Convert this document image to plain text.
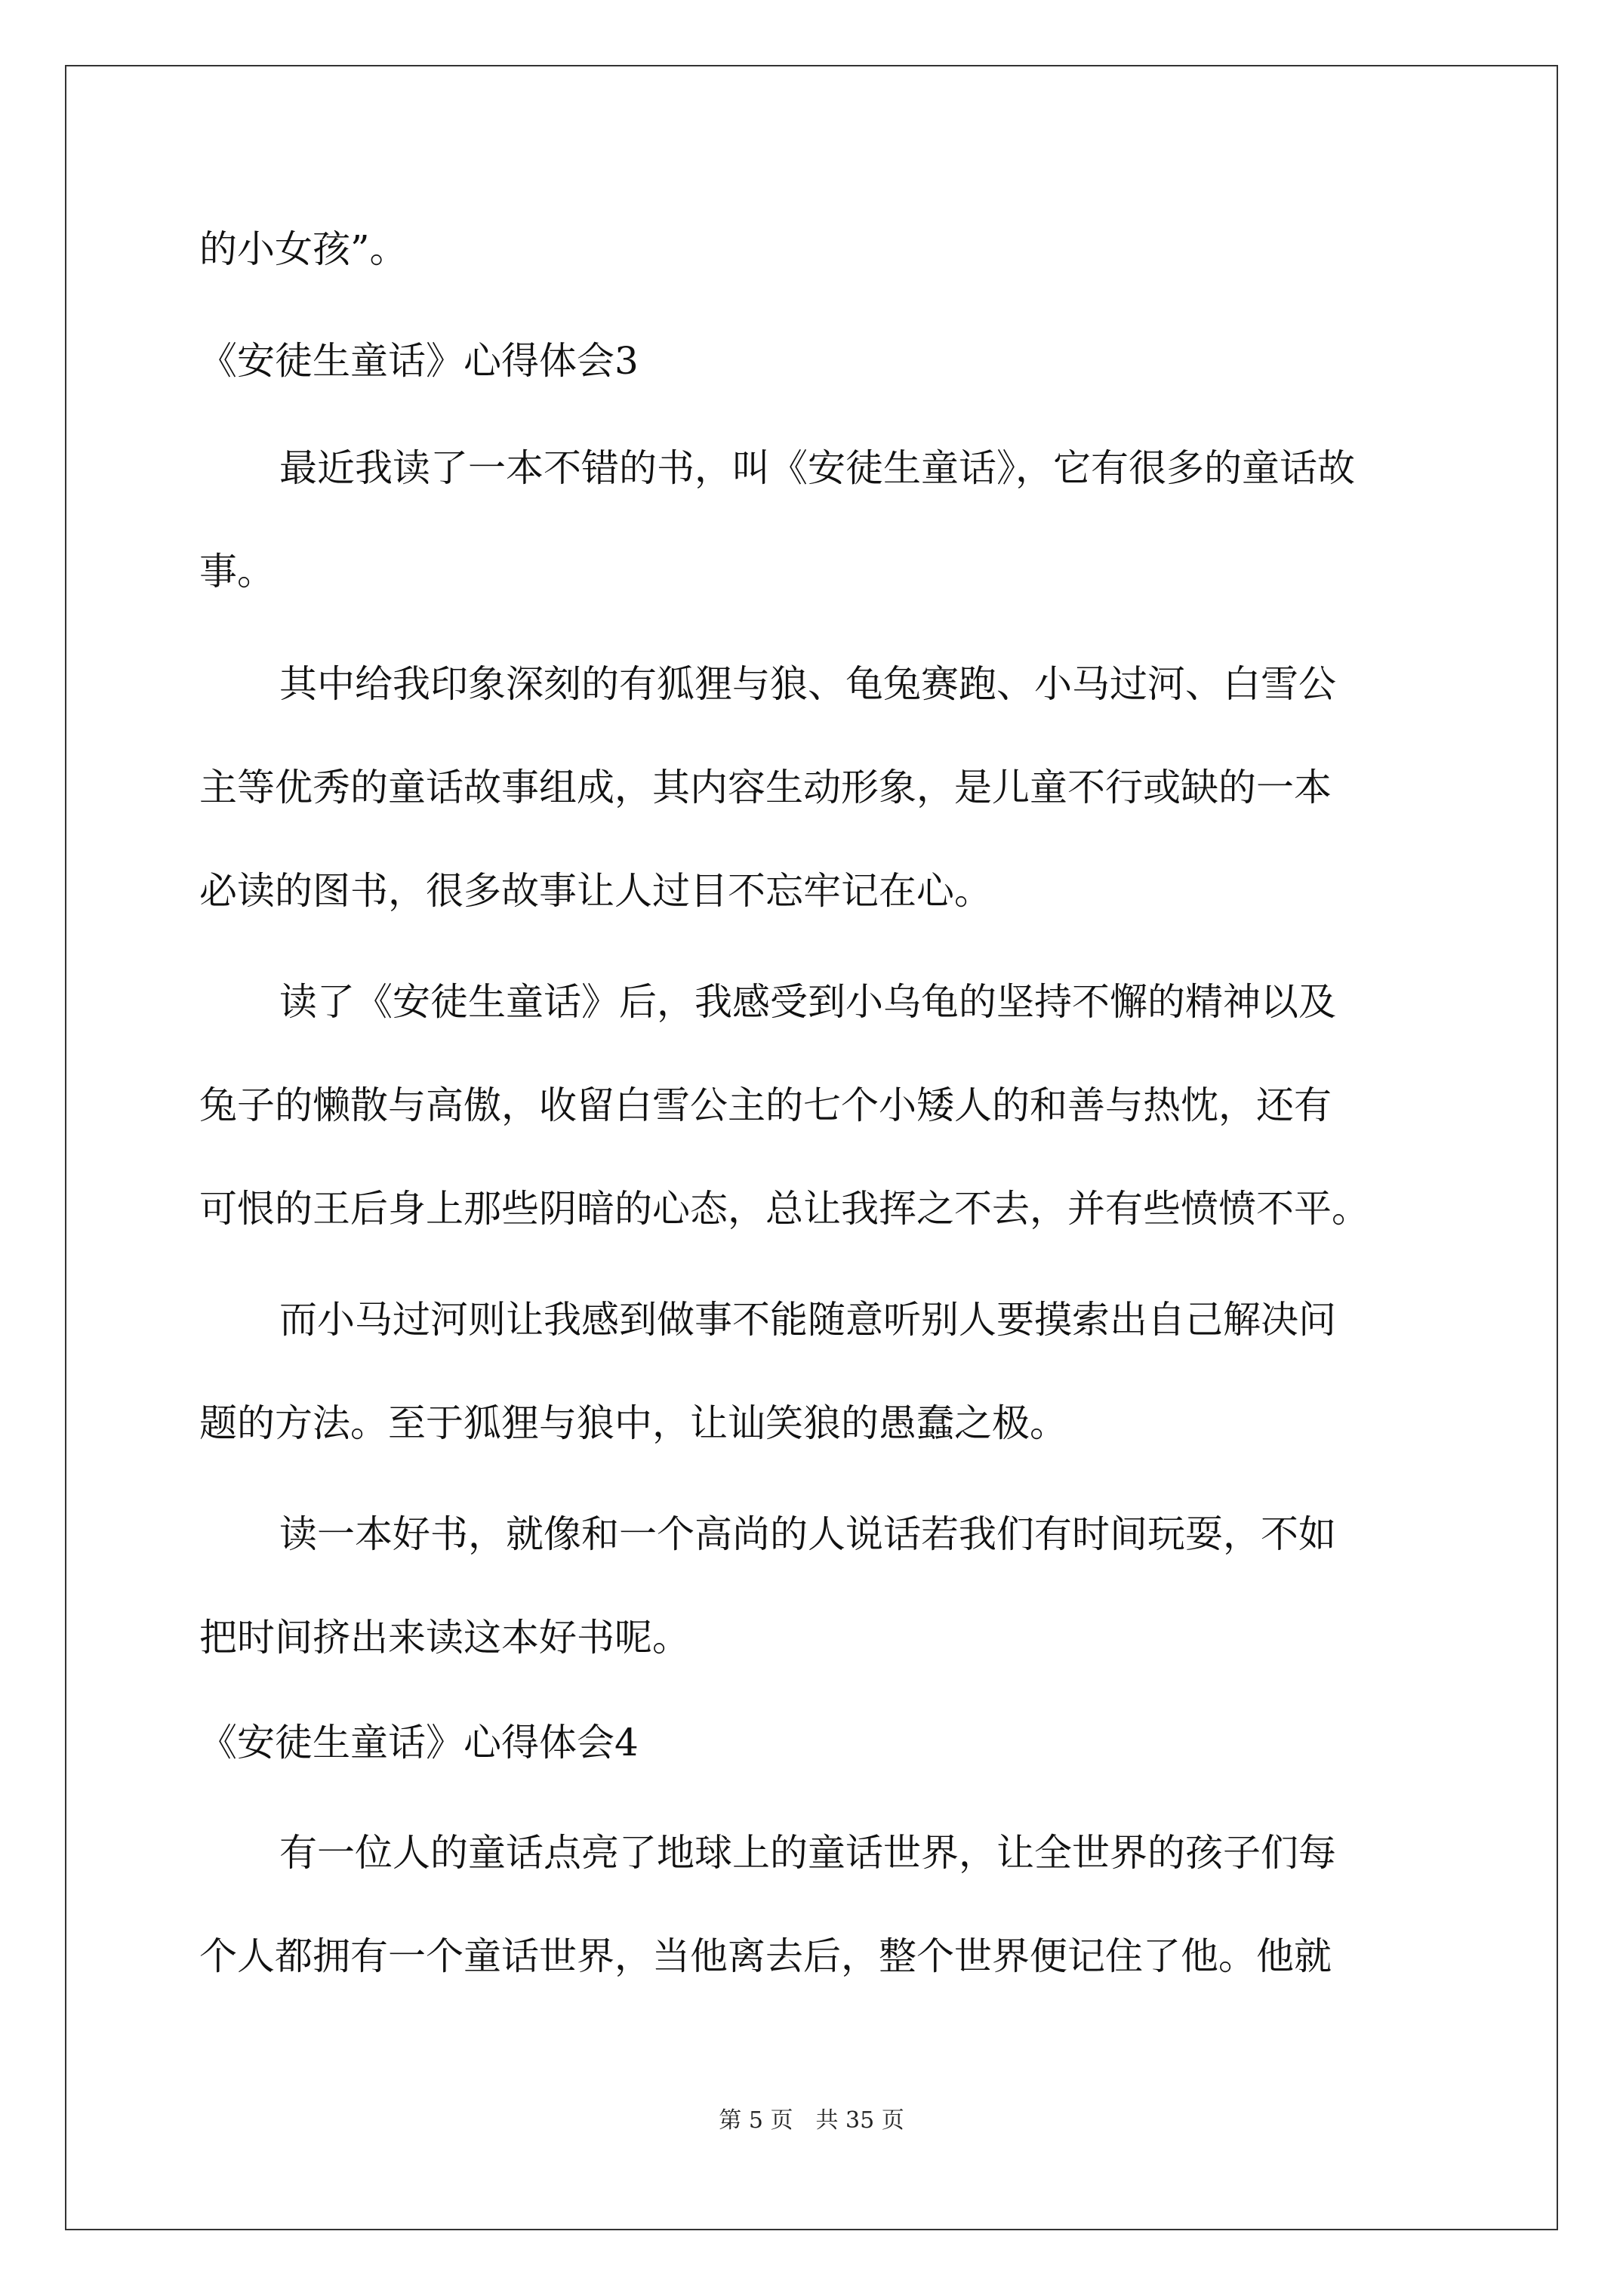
的小女孩”。
《安徒生童话》心得体会3
最近我读了一本不错的书，叫《安徒生童话》，它有很多的童话故
事。
其中给我印象深刻的有狐狸与狼、龟兔赛跑、小马过河、白雪公
主等优秀的童话故事组成，其内容生动形象，是儿童不行或缺的一本
必读的图书，很多故事让人过目不忘牢记在心。
读了《安徒生童话》后，我感受到小乌龟的坚持不懈的精神以及
兔子的懒散与高傲，收留白雪公主的七个小矮人的和善与热忱，还有
可恨的王后身上那些阴暗的心态，总让我挥之不去，并有些愤愤不平。
而小马过河则让我感到做事不能随意听别人要摸索出自己解决问
题的方法。至于狐狸与狼中，让讪笑狼的愚蠢之极。
读一本好书，就像和一个高尚的人说话若我们有时间玩耍，不如
把时间挤出来读这本好书呢。
《安徒生童话》心得体会4
有一位人的童话点亮了地球上的童话世界，让全世界的孩子们每
个人都拥有一个童话世界，当他离去后，整个世界便记住了他。他就
第 5 页　共 35 页
